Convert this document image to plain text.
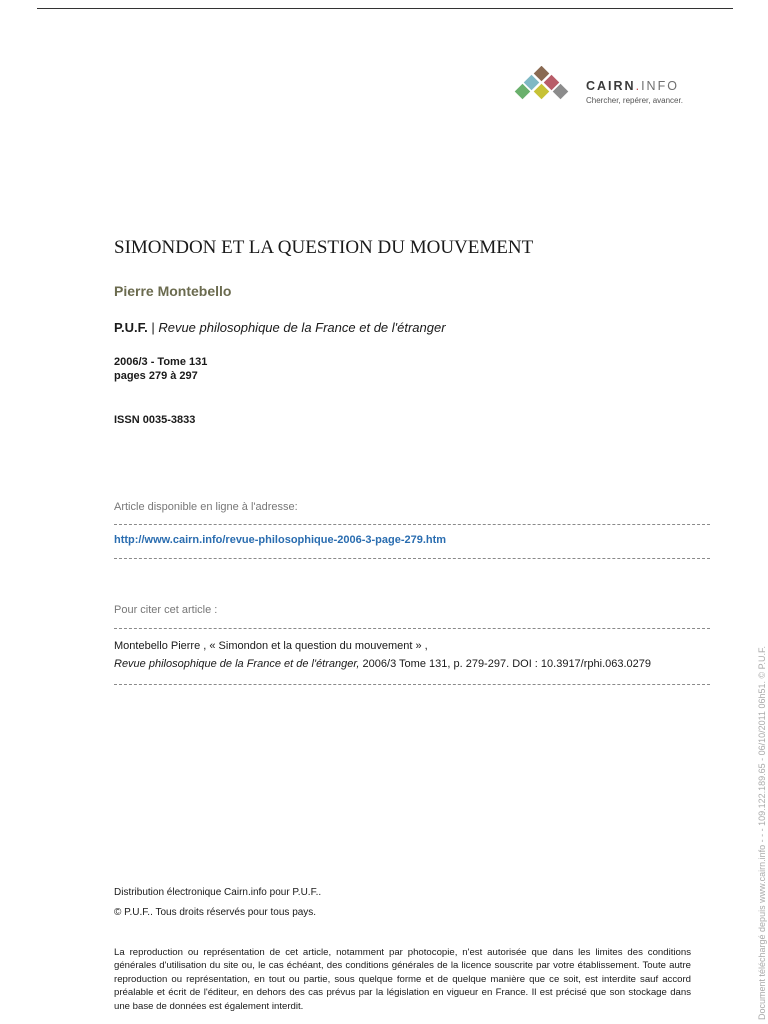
CAIRN.INFO
Chercher, repérer, avancer.
SIMONDON ET LA QUESTION DU MOUVEMENT
Pierre Montebello
P.U.F. | Revue philosophique de la France et de l'étranger
2006/3 - Tome 131
pages 279 à 297
ISSN 0035-3833
Article disponible en ligne à l'adresse:
http://www.cairn.info/revue-philosophique-2006-3-page-279.htm
Pour citer cet article :
Montebello Pierre , « Simondon et la question du mouvement » ,
Revue philosophique de la France et de l'étranger, 2006/3 Tome 131, p. 279-297. DOI : 10.3917/rphi.063.0279
Distribution électronique Cairn.info pour P.U.F..
© P.U.F.. Tous droits réservés pour tous pays.
La reproduction ou représentation de cet article, notamment par photocopie, n'est autorisée que dans les limites des conditions générales d'utilisation du site ou, le cas échéant, des conditions générales de la licence souscrite par votre établissement. Toute autre reproduction ou représentation, en tout ou partie, sous quelque forme et de quelque manière que ce soit, est interdite sauf accord préalable et écrit de l'éditeur, en dehors des cas prévus par la législation en vigueur en France. Il est précisé que son stockage dans une base de données est également interdit.	Document téléchargé depuis www.cairn.info - - - 109.122.189.65 - 06/10/2011 06h51. © P.U.F.
